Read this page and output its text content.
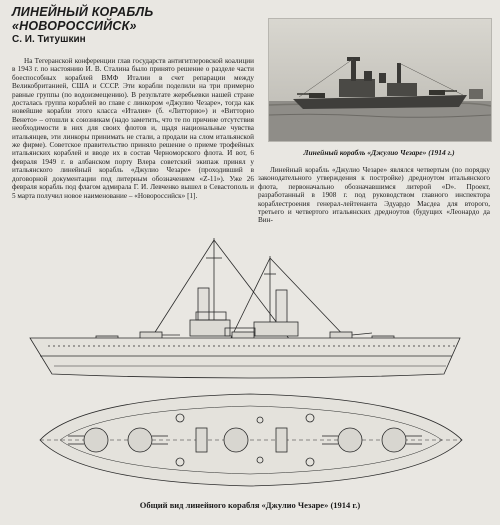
ЛИНЕЙНЫЙ КОРАБЛЬ «НОВОРОССИЙСК»
С. И. Титушкин

На Тегеранской конференции глав государств антигитлеровской коалиции в 1943 г. по настоянию И. В. Сталина было принято решение о разделе части боеспособных кораблей ВМФ Италии в счет репарации между Великобританией, США и СССР. Эти корабли поделили на три примерно равные группы (по водоизмещению). В результате жеребьевки нашей стране досталась группа кораблей во главе с линкором «Джулио Чезаре», тогда как новейшие корабли этого класса «Италия» (б. «Литторио») и «Витторио Венето» – отошли к союзникам (надо заметить, что те по причине отсутствия необходимости в них для своих флотов и, щадя национальные чувства итальянцев, эти линкоры принимать не стали, а продали на слом итальянской же фирме). Советское правительство приняло решение о приеме трофейных итальянских кораблей и вводе их в состав Черноморского флота. И вот, 6 февраля 1949 г. в албанском порту Влера советский экипаж принял у итальянского линейный корабль «Джулио Чезаре» (проходивший в договорной документации под литерным обозначением «Z-11»). Уже 26 февраля корабль под флагом адмирала Г. И. Левченко вышел в Севастополь и 5 марта получил новое наименование – «Новороссийск» [1].

Линейный корабль «Джулио Чезаре» (1914 г.)

Линейный корабль «Джулио Чезаре» являлся четвертым (по порядку законодательного утверждения к постройке) дредноутом итальянского флота, первоначально обозначавшимся литерой «D». Проект, разработанный в 1908 г. под руководством главного инспектора кораблестроения генерал-лейтенанта Эдуардо Масдеа для второго, третьего и четвертого итальянских дредноутов (будущих «Леонардо да Вин-

Общий вид линейного корабля «Джулио Чезаре» (1914 г.)
